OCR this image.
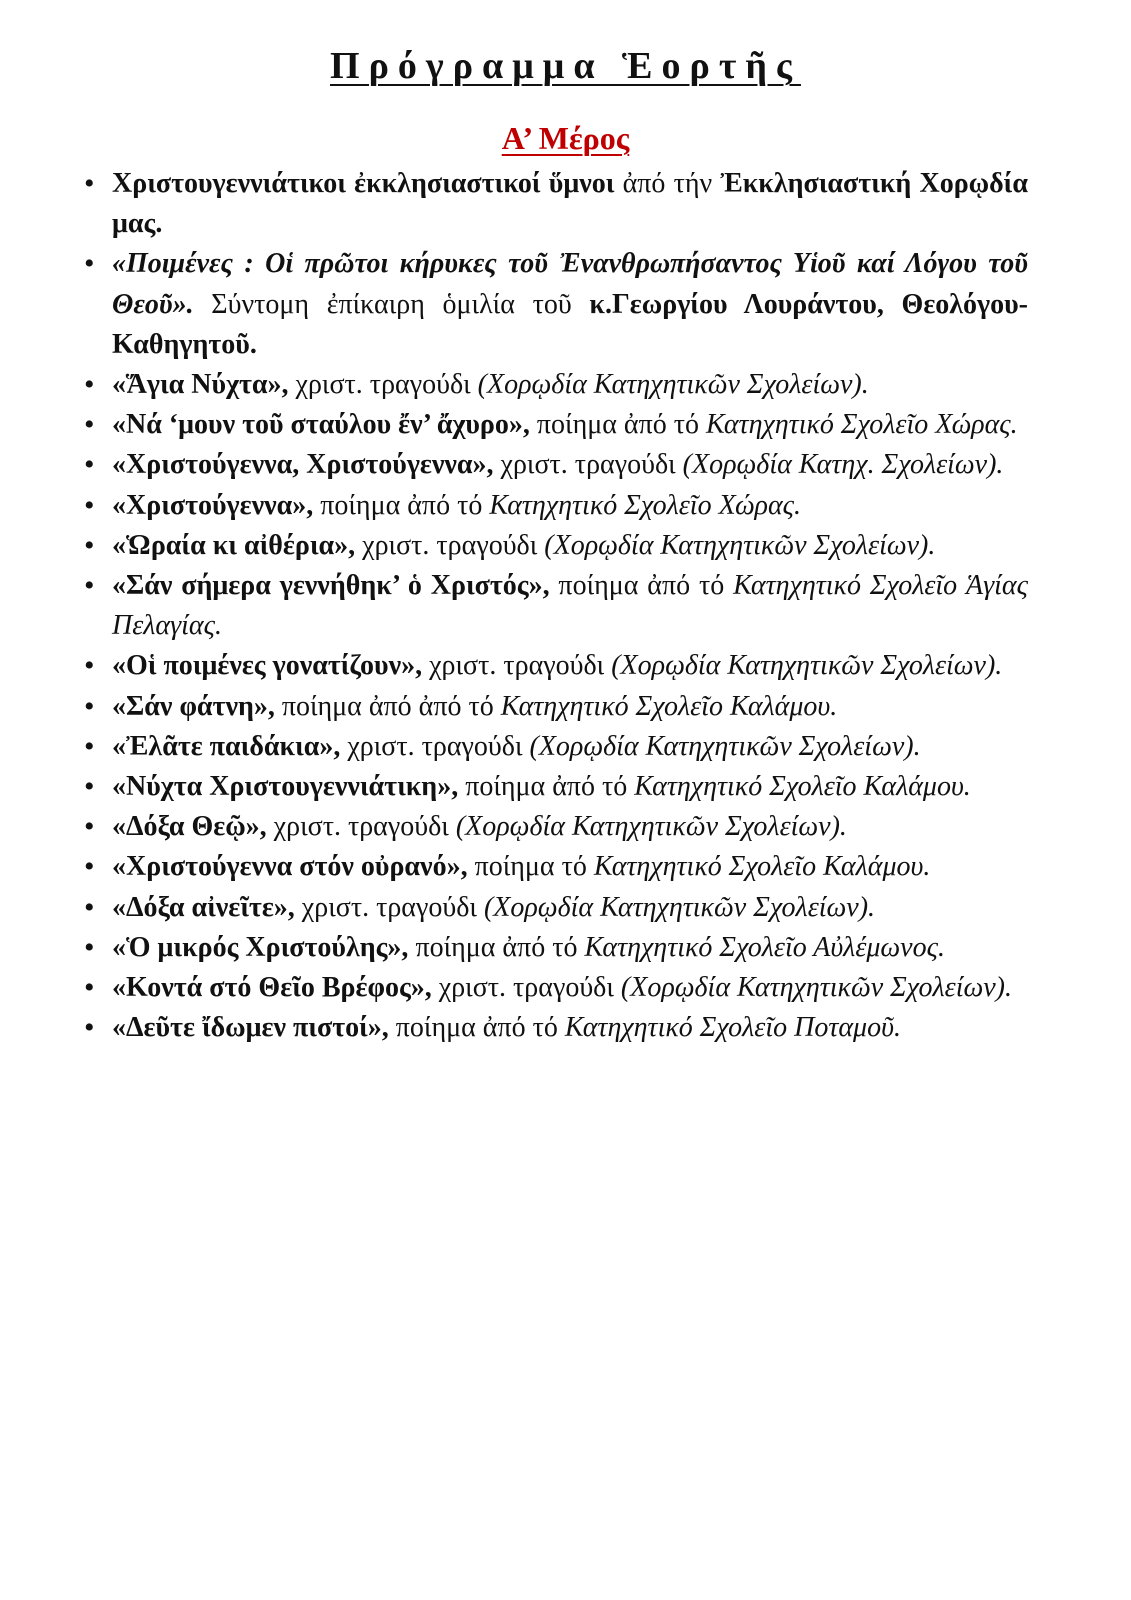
Πρόγραμμα Ἑορτῆς
Α’ Μέρος
•
Χριστουγεννιάτικοι ἐκκλησιαστικοί ὕμνοι ἀπό τήν Ἐκκλησιαστική Χορῳδία μας.
•
«Ποιμένες : Οἱ πρῶτοι κήρυκες τοῦ Ἐνανθρωπήσαντος Υἱοῦ καί Λόγου τοῦ Θεοῦ». Σύντομη ἐπίκαιρη ὁμιλία τοῦ κ.Γεωργίου Λουράντου, Θεολόγου- Καθηγητοῦ.
•
«Ἅγια Νύχτα», χριστ. τραγούδι (Χορῳδία Κατηχητικῶν Σχολείων).
•
«Νά ‘μουν τοῦ σταύλου ἔν’ ἄχυρο», ποίημα ἀπό τό Κατηχητικό Σχολεῖο Χώρας.
•
«Χριστούγεννα, Χριστούγεννα», χριστ. τραγούδι (Χορῳδία Κατηχ. Σχολείων).
•
«Χριστούγεννα», ποίημα ἀπό τό Κατηχητικό Σχολεῖο Χώρας.
•
«Ὡραία κι αἰθέρια», χριστ. τραγούδι (Χορῳδία Κατηχητικῶν Σχολείων).
•
«Σάν σήμερα γεννήθηκ’ ὁ Χριστός», ποίημα ἀπό τό Κατηχητικό Σχολεῖο Ἁγίας Πελαγίας.
•
«Οἱ ποιμένες γονατίζουν», χριστ. τραγούδι (Χορῳδία Κατηχητικῶν Σχολείων).
•
«Σάν φάτνη», ποίημα ἀπό ἀπό τό Κατηχητικό Σχολεῖο Καλάμου.
•
«Ἐλᾶτε παιδάκια», χριστ. τραγούδι (Χορῳδία Κατηχητικῶν Σχολείων).
•
«Νύχτα Χριστουγεννιάτικη», ποίημα ἀπό τό Κατηχητικό Σχολεῖο Καλάμου.
•
«Δόξα Θεῷ», χριστ. τραγούδι (Χορῳδία Κατηχητικῶν Σχολείων).
•
«Χριστούγεννα στόν οὐρανό», ποίημα τό Κατηχητικό Σχολεῖο Καλάμου.
•
«Δόξα αἰνεῖτε», χριστ. τραγούδι (Χορῳδία Κατηχητικῶν Σχολείων).
•
«Ὁ μικρός Χριστούλης», ποίημα ἀπό τό Κατηχητικό Σχολεῖο Αὐλέμωνος.
•
«Κοντά στό Θεῖο Βρέφος», χριστ. τραγούδι (Χορῳδία Κατηχητικῶν Σχολείων).
•
«Δεῦτε ἴδωμεν πιστοί», ποίημα ἀπό τό Κατηχητικό Σχολεῖο Ποταμοῦ.
